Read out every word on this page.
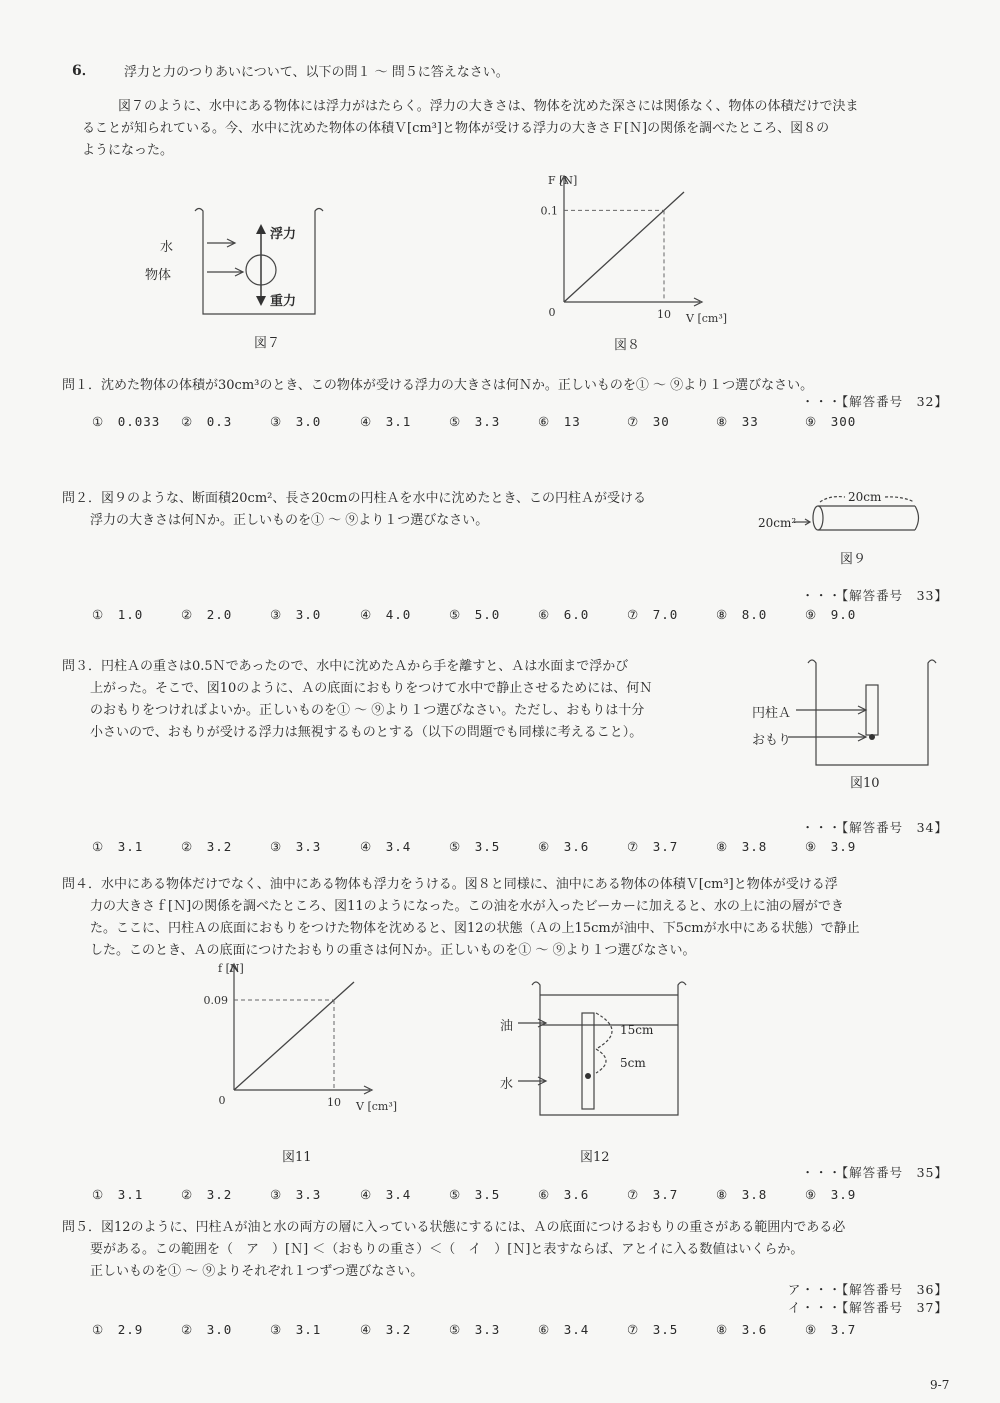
6． 浮力と力のつりあいについて、以下の問１ ～ 問５に答えなさい。
図７のように、水中にある物体には浮力がはたらく。浮力の大きさは、物体を沈めた深さには関係なく、物体の体積だけで決ま
ることが知られている。今、水中に沈めた物体の体積Ｖ[cm³]と物体が受ける浮力の大きさＦ[Ｎ]の関係を調べたところ、図８の
ようになった。
水
物体
浮力
重力
図７
0.1
10
0
F [N]
V [cm³]
図８
問１．沈めた物体の体積が30cm³のとき、この物体が受ける浮力の大きさは何Ｎか。正しいものを① ～ ⑨より１つ選びなさい。
・・・【解答番号　32】
①　0.033 ②　0.3	③　3.0	④　3.1	⑤　3.3	⑥　13	⑦　30	⑧　33	⑨　300
問２．図９のような、断面積20cm²、長さ20cmの円柱Ａを水中に沈めたとき、この円柱Ａが受ける
浮力の大きさは何Ｎか。正しいものを① ～ ⑨より１つ選びなさい。
20cm
20cm²
図９
・・・【解答番号　33】
①　1.0	②　2.0	③　3.0	④　4.0	⑤　5.0	⑥　6.0	⑦　7.0	⑧　8.0	⑨　9.0
問３．円柱Ａの重さは0.5Ｎであったので、水中に沈めたＡから手を離すと、Ａは水面まで浮かび
上がった。そこで、図10のように、Ａの底面におもりをつけて水中で静止させるためには、何Ｎ
のおもりをつければよいか。正しいものを① ～ ⑨より１つ選びなさい。ただし、おもりは十分
小さいので、おもりが受ける浮力は無視するものとする（以下の問題でも同様に考えること）。
円柱Ａ
おもり
図10
・・・【解答番号　34】
①　3.1	②　3.2	③　3.3	④　3.4	⑤　3.5	⑥　3.6	⑦　3.7	⑧　3.8	⑨　3.9
問４．水中にある物体だけでなく、油中にある物体も浮力をうける。図８と同様に、油中にある物体の体積Ｖ[cm³]と物体が受ける浮
力の大きさｆ[Ｎ]の関係を調べたところ、図11のようになった。この油を水が入ったビーカーに加えると、水の上に油の層ができ
た。ここに、円柱Ａの底面におもりをつけた物体を沈めると、図12の状態（Ａの上15cmが油中、下5cmが水中にある状態）で静止
した。このとき、Ａの底面につけたおもりの重さは何Ｎか。正しいものを① ～ ⑨より１つ選びなさい。
0.09
10
0
f [N]
V [cm³]
図11
油
水
15cm
5cm
図12
・・・【解答番号　35】
①　3.1	②　3.2	③　3.3	④　3.4	⑤　3.5	⑥　3.6	⑦　3.7	⑧　3.8	⑨　3.9
問５．図12のように、円柱Ａが油と水の両方の層に入っている状態にするには、Ａの底面につけるおもりの重さがある範囲内である必
要がある。この範囲を（　ア　）[Ｎ] ＜（おもりの重さ）＜（　イ　）[Ｎ]と表すならば、アとイに入る数値はいくらか。
正しいものを① ～ ⑨よりそれぞれ１つずつ選びなさい。
ア・・・【解答番号　36】
イ・・・【解答番号　37】
①　2.9	②　3.0	③　3.1	④　3.2	⑤　3.3	⑥　3.4	⑦　3.5	⑧　3.6	⑨　3.7
9-7
